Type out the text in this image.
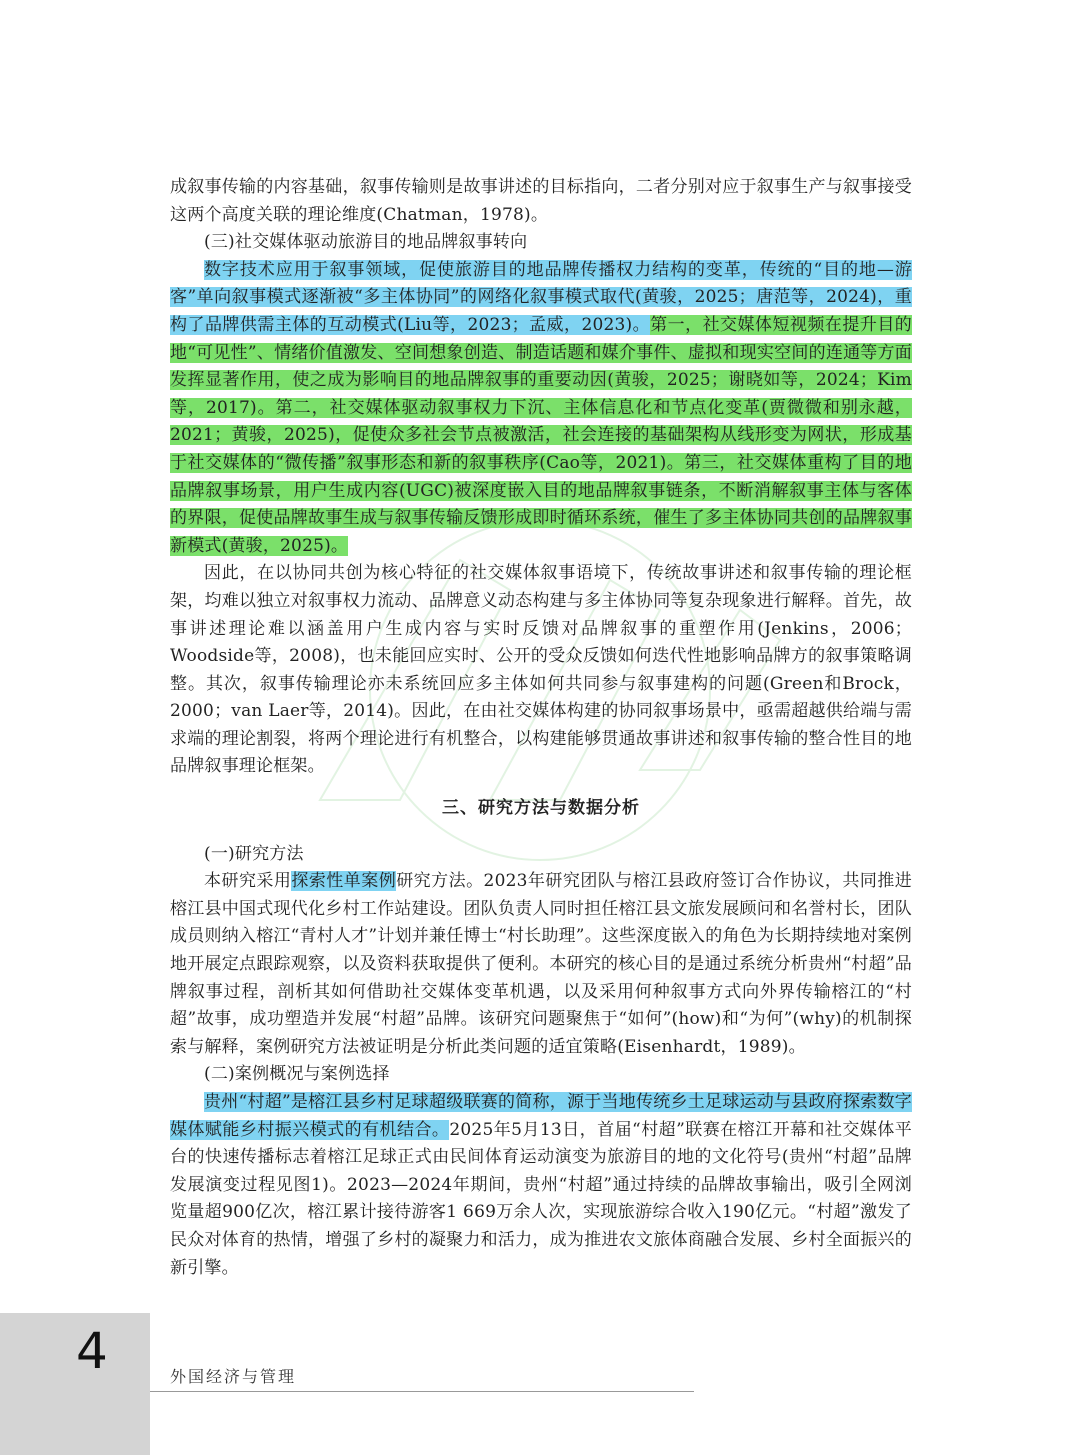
成叙事传输的内容基础，叙事传输则是故事讲述的目标指向，二者分别对应于叙事生产与叙事接受这两个高度关联的理论维度(Chatman，1978)。

(三)社交媒体驱动旅游目的地品牌叙事转向

数字技术应用于叙事领域，促使旅游目的地品牌传播权力结构的变革，传统的“目的地—游客”单向叙事模式逐渐被“多主体协同”的网络化叙事模式取代(黄骏，2025；唐范等，2024)，重构了品牌供需主体的互动模式(Liu等，2023；孟威，2023)。第一，社交媒体短视频在提升目的地“可见性”、情绪价值激发、空间想象创造、制造话题和媒介事件、虚拟和现实空间的连通等方面发挥显著作用，使之成为影响目的地品牌叙事的重要动因(黄骏，2025；谢晓如等，2024；Kim等，2017)。第二，社交媒体驱动叙事权力下沉、主体信息化和节点化变革(贾微微和别永越，2021；黄骏，2025)，促使众多社会节点被激活，社会连接的基础架构从线形变为网状，形成基于社交媒体的“微传播”叙事形态和新的叙事秩序(Cao等，2021)。第三，社交媒体重构了目的地品牌叙事场景，用户生成内容(UGC)被深度嵌入目的地品牌叙事链条，不断消解叙事主体与客体的界限，促使品牌故事生成与叙事传输反馈形成即时循环系统，催生了多主体协同共创的品牌叙事新模式(黄骏，2025)。

因此，在以协同共创为核心特征的社交媒体叙事语境下，传统故事讲述和叙事传输的理论框架，均难以独立对叙事权力流动、品牌意义动态构建与多主体协同等复杂现象进行解释。首先，故事讲述理论难以涵盖用户生成内容与实时反馈对品牌叙事的重塑作用(Jenkins，2006；Woodside等，2008)，也未能回应实时、公开的受众反馈如何迭代性地影响品牌方的叙事策略调整。其次，叙事传输理论亦未系统回应多主体如何共同参与叙事建构的问题(Green和Brock，2000；van Laer等，2014)。因此，在由社交媒体构建的协同叙事场景中，亟需超越供给端与需求端的理论割裂，将两个理论进行有机整合，以构建能够贯通故事讲述和叙事传输的整合性目的地品牌叙事理论框架。

三、研究方法与数据分析

(一)研究方法

本研究采用探索性单案例研究方法。2023年研究团队与榕江县政府签订合作协议，共同推进榕江县中国式现代化乡村工作站建设。团队负责人同时担任榕江县文旅发展顾问和名誉村长，团队成员则纳入榕江“青村人才”计划并兼任博士“村长助理”。这些深度嵌入的角色为长期持续地对案例地开展定点跟踪观察，以及资料获取提供了便利。本研究的核心目的是通过系统分析贵州“村超”品牌叙事过程，剖析其如何借助社交媒体变革机遇，以及采用何种叙事方式向外界传输榕江的“村超”故事，成功塑造并发展“村超”品牌。该研究问题聚焦于“如何”(how)和“为何”(why)的机制探索与解释，案例研究方法被证明是分析此类问题的适宜策略(Eisenhardt，1989)。

(二)案例概况与案例选择

贵州“村超”是榕江县乡村足球超级联赛的简称，源于当地传统乡土足球运动与县政府探索数字媒体赋能乡村振兴模式的有机结合。2025年5月13日，首届“村超”联赛在榕江开幕和社交媒体平台的快速传播标志着榕江足球正式由民间体育运动演变为旅游目的地的文化符号(贵州“村超”品牌发展演变过程见图1)。2023—2024年期间，贵州“村超”通过持续的品牌故事输出，吸引全网浏览量超900亿次，榕江累计接待游客1 669万余人次，实现旅游综合收入190亿元。“村超”激发了民众对体育的热情，增强了乡村的凝聚力和活力，成为推进农文旅体商融合发展、乡村全面振兴的新引擎。

4	外国经济与管理
